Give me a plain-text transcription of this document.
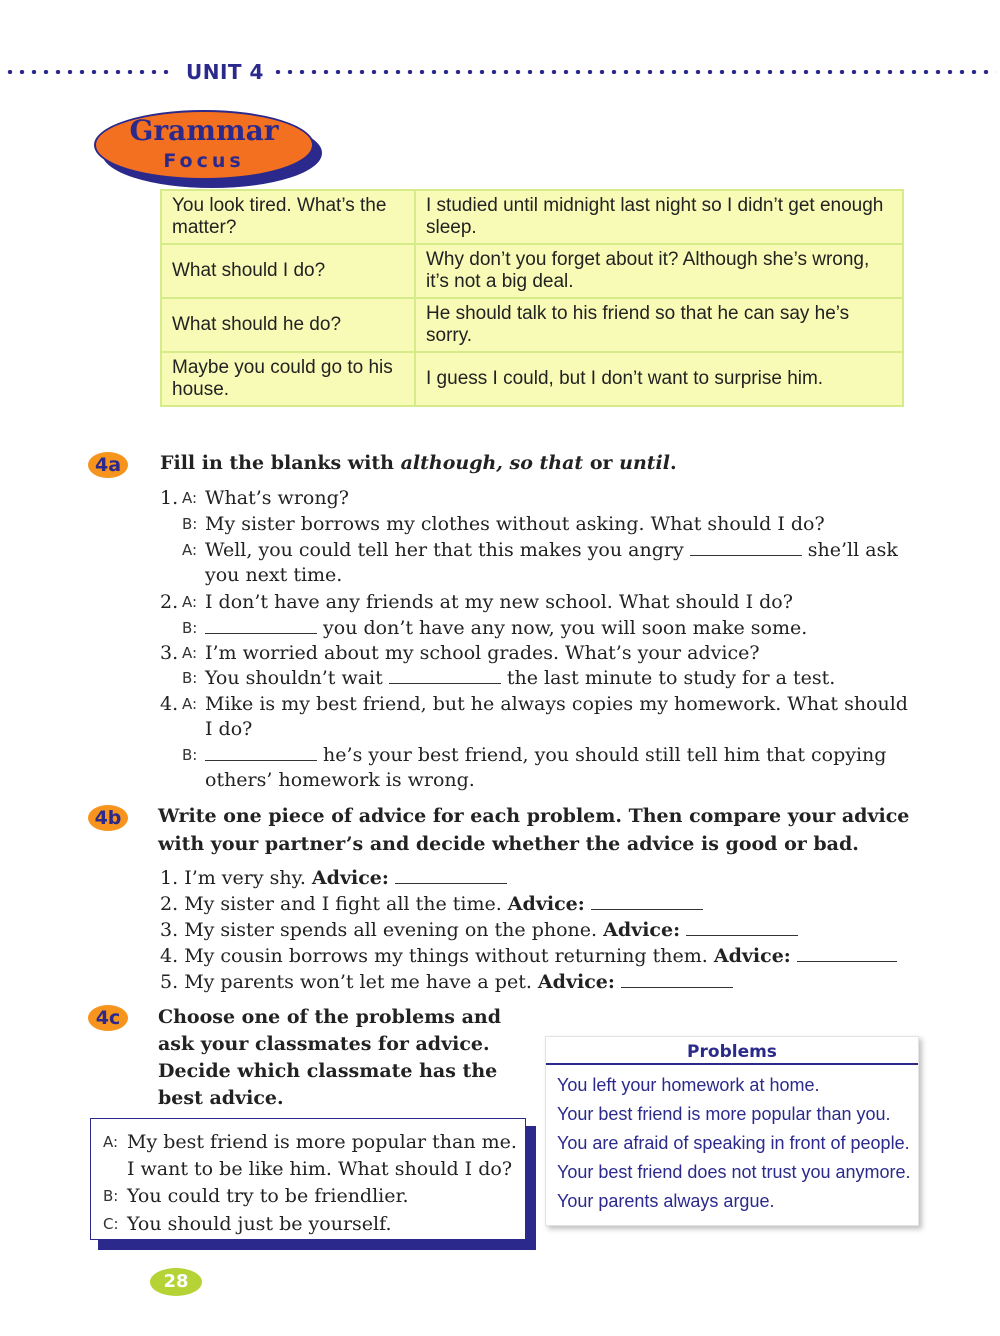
UNIT 4
Grammar
Focus
You look tired. What’s the matter?	I studied until midnight last night so I didn’t get enough sleep.
What should I do?	Why don’t you forget about it? Although she’s wrong, it’s not a big deal.
What should he do?	He should talk to his friend so that he can say he’s sorry.
Maybe you could go to his house.	I guess I could, but I don’t want to surprise him.
4a	Fill in the blanks with although, so that or until.
1. A: What’s wrong?
B: My sister borrows my clothes without asking. What should I do?
A: Well, you could tell her that this makes you angry	she’ll ask
you next time.
2. A: I don’t have any friends at my new school. What should I do?
B:	you don’t have any now, you will soon make some.
3. A: I’m worried about my school grades. What’s your advice?
B: You shouldn’t wait	the last minute to study for a test.
4. A: Mike is my best friend, but he always copies my homework. What should
I do?
B:	he’s your best friend, you should still tell him that copying
others’ homework is wrong.
4b	Write one piece of advice for each problem. Then compare your advice
with your partner’s and decide whether the advice is good or bad.
1. I’m very shy. Advice:
2. My sister and I fight all the time. Advice:
3. My sister spends all evening on the phone. Advice:
4. My cousin borrows my things without returning them. Advice:
5. My parents won’t let me have a pet. Advice:
4c	Choose one of the problems and
ask your classmates for advice.
Decide which classmate has the
best advice.
A: My best friend is more popular than me.
I want to be like him. What should I do?
B: You could try to be friendlier.
C: You should just be yourself.
Problems
You left your homework at home.
Your best friend is more popular than you.
You are afraid of speaking in front of people.
Your best friend does not trust you anymore.
Your parents always argue.
28
